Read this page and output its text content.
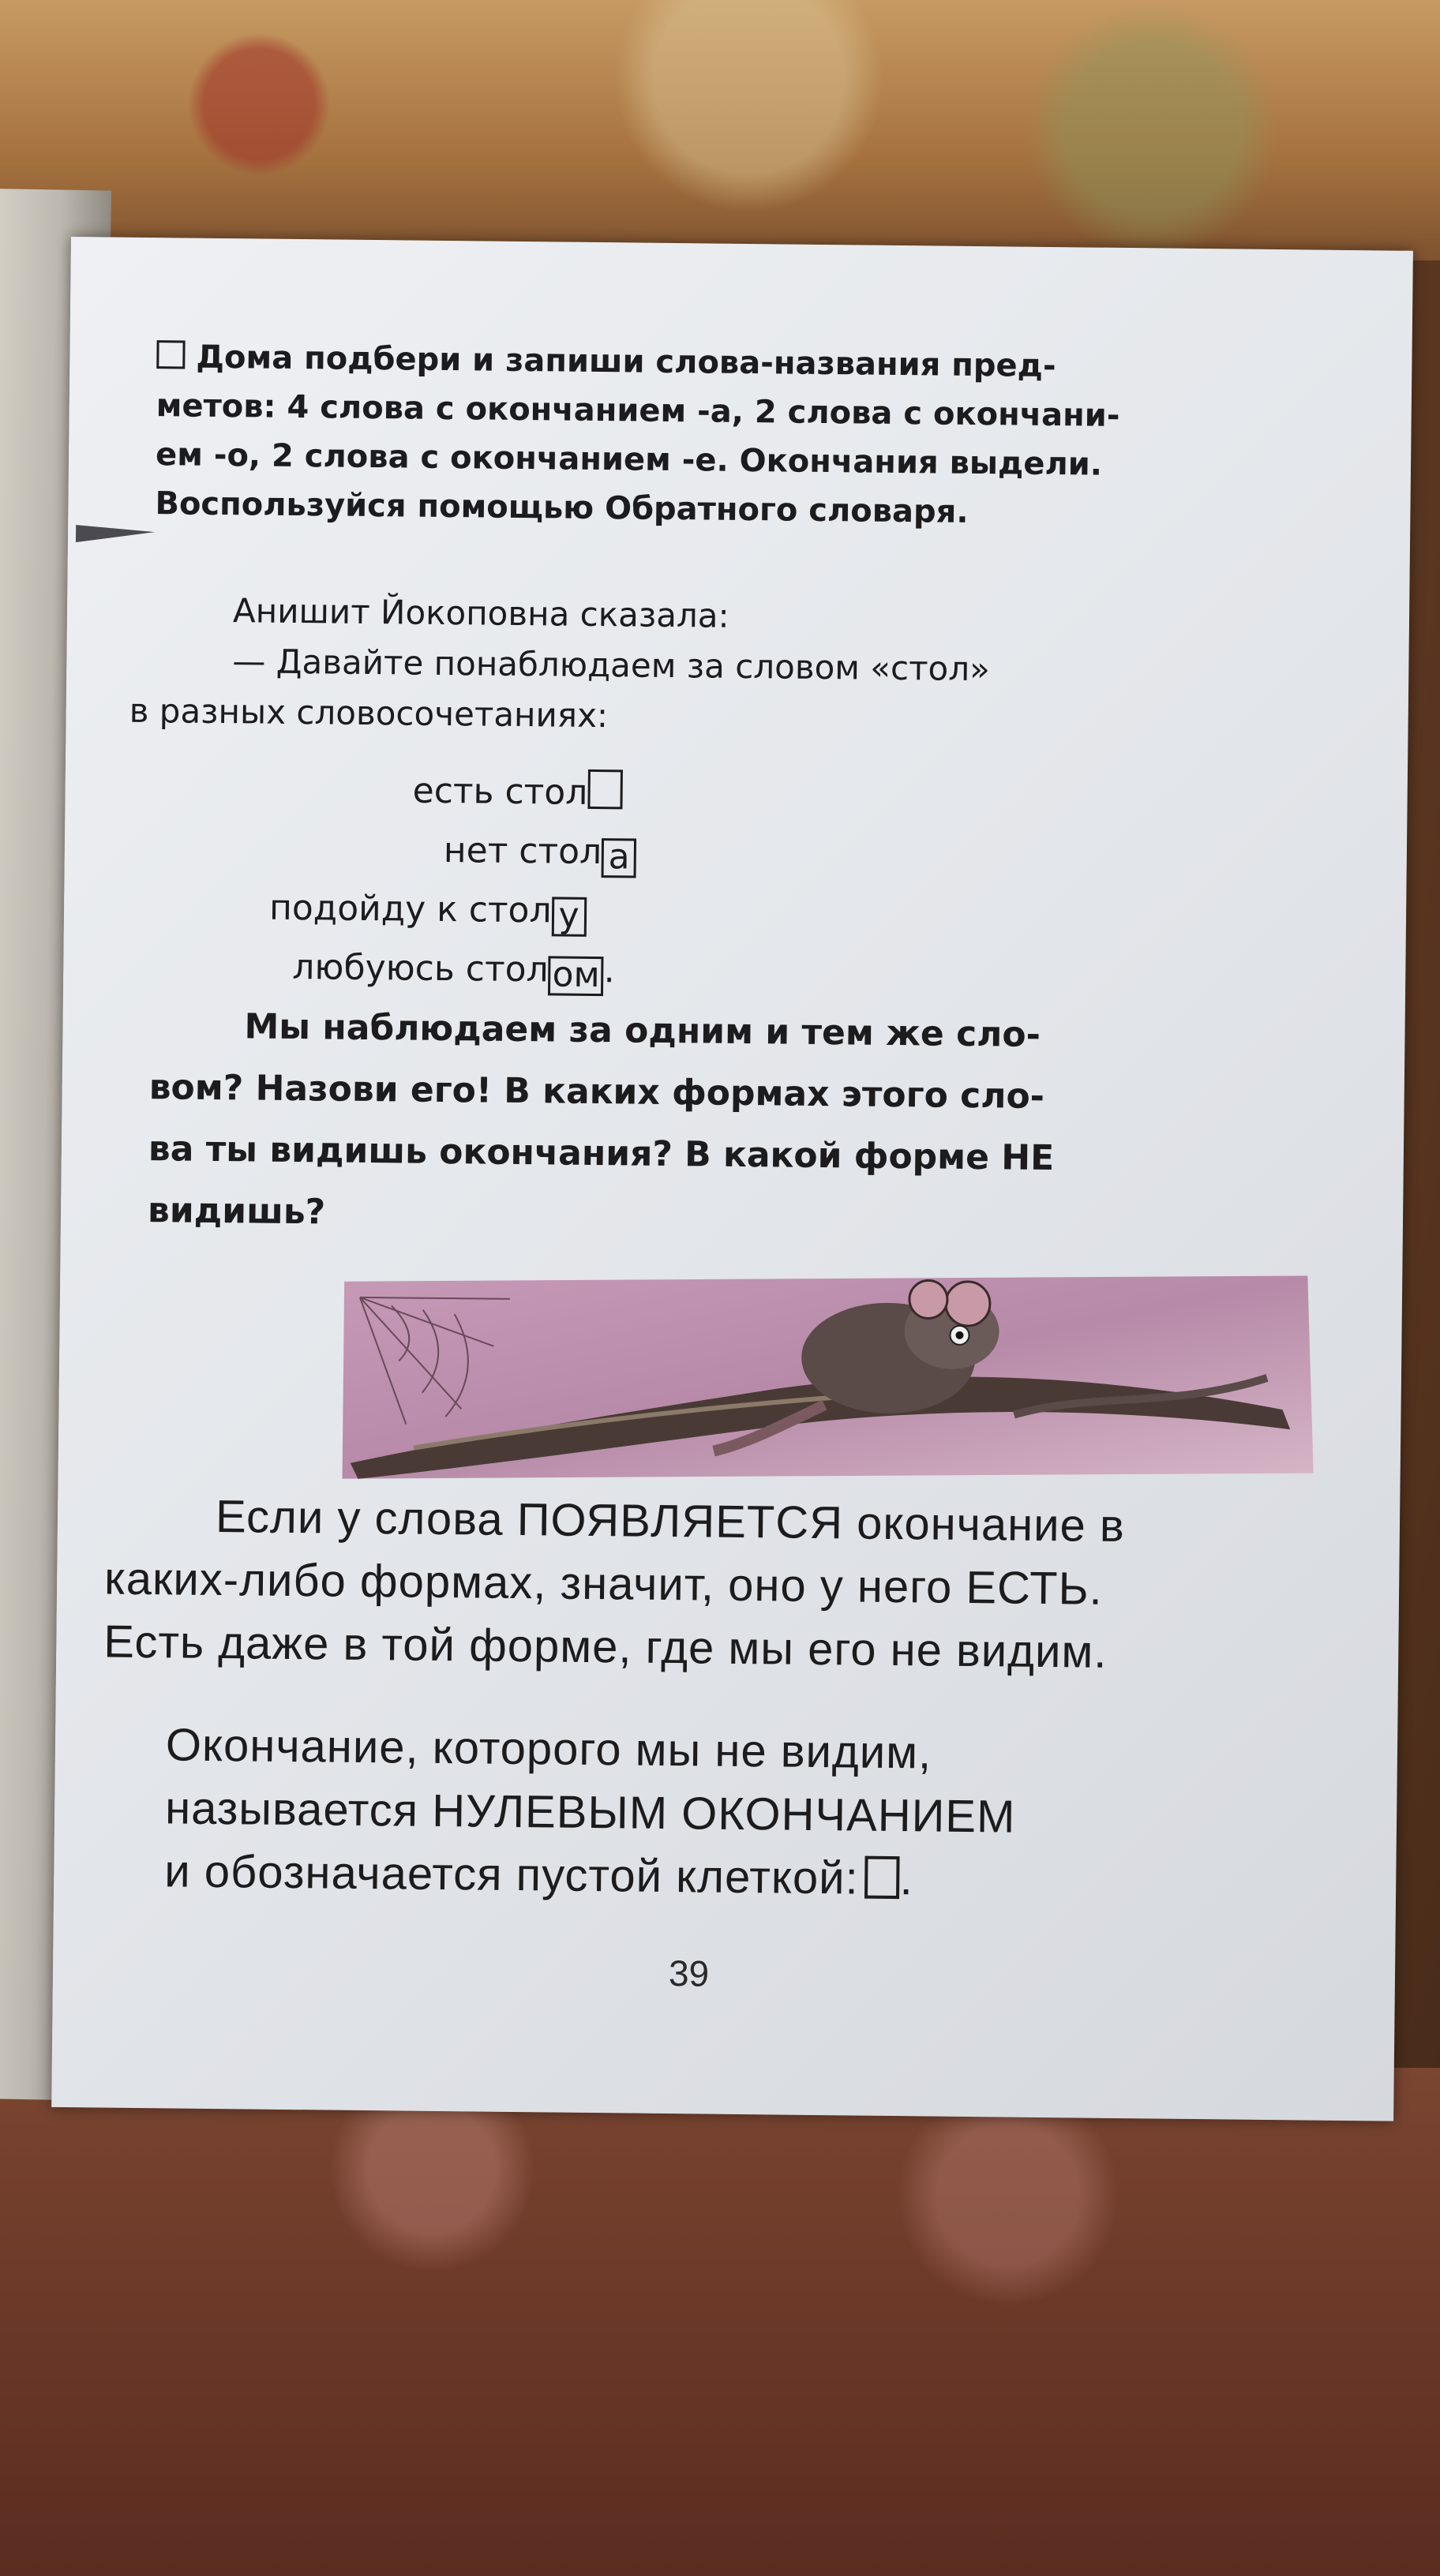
Дома подбери и запиши слова-названия пред-
метов: 4 слова с окончанием -а, 2 слова с окончани-
ем -о, 2 слова с окончанием -е. Окончания выдели.
Воспользуйся помощью Обратного словаря.
Анишит Йокоповна сказала:
— Давайте понаблюдаем за словом «стол»
в разных словосочетаниях:
есть стол
нет стол а
подойду к стол у
любуюсь стол ом .
Мы наблюдаем за одним и тем же сло-
вом? Назови его! В каких формах этого сло-
ва ты видишь окончания? В какой форме НЕ
видишь?
Если у слова ПОЯВЛЯЕТСЯ окончание в
каких-либо формах, значит, оно у него ЕСТЬ.
Есть даже в той форме, где мы его не видим.
Окончание, которого мы не видим,
называется НУЛЕВЫМ ОКОНЧАНИЕМ
и обозначается пустой клеткой: .
39
